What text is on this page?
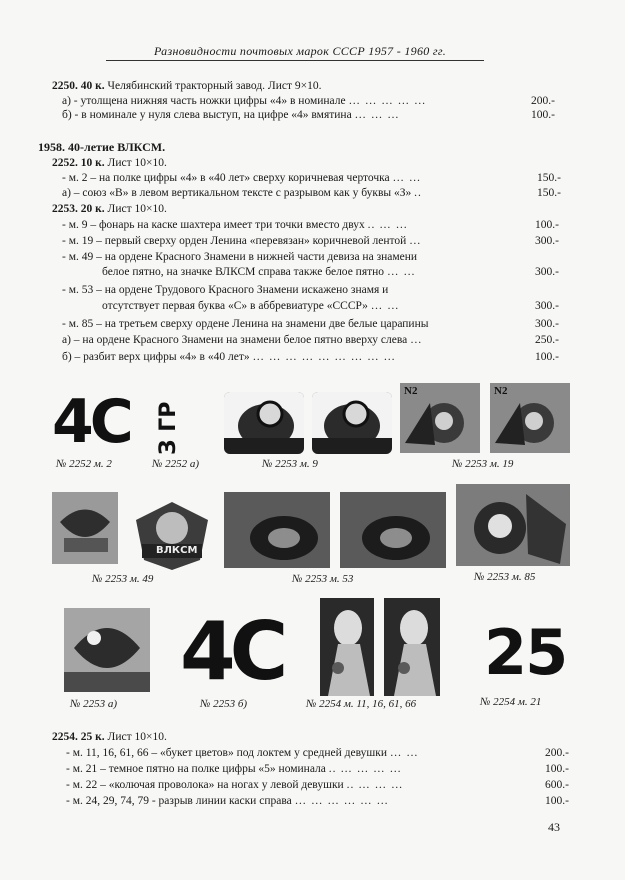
Разновидности почтовых марок СССР 1957 - 1960 гг.
2250. 40 к. Челябинский тракторный завод. Лист 9×10.
а) - утолщена нижняя часть ножки цифры «4» в номинале … … … … …	200.-
б) - в номинале у нуля слева выступ, на цифре «4» вмятина … … …	100.-
1958. 40-летие ВЛКСМ.
2252. 10 к. Лист 10×10.
- м. 2 – на полке цифры «4» в «40 лет» сверху коричневая черточка … …	150.-
а) – союз «В» в левом вертикальном тексте с разрывом как у буквы «З» ..	150.-
2253. 20 к. Лист 10×10.
- м. 9 – фонарь на каске шахтера имеет три точки вместо двух .. … …	100.-
- м. 19 – первый сверху орден Ленина «перевязан» коричневой лентой …	300.-
- м. 49 – на ордене Красного Знамени в нижней части девиза на знамени
белое пятно, на значке ВЛКСМ справа также белое пятно … …	300.-
- м. 53 – на ордене Трудового Красного Знамени искажено знамя и
отсутствует первая буква «С» в аббревиатуре «СССР» … …	300.-
- м. 85 – на третьем сверху ордене Ленина на знамени две белые царапины	300.-
а) – на ордене Красного Знамени на знамени белое пятно вверху слева …	250.-
б) – разбит верх цифры «4» в «40 лет» … … … … … … … … …	100.-
4С З ГР
N2	N2
№ 2252 м. 2	№ 2252 а)	№ 2253 м. 9	№ 2253 м. 19
ВЛКСМ
№ 2253 м. 49	№ 2253 м. 53	№ 2253 м. 85
4С	25
№ 2253 а)	№ 2253 б)	№ 2254 м. 11, 16, 61, 66	№ 2254 м. 21
2254. 25 к. Лист 10×10.
- м. 11, 16, 61, 66 – «букет цветов» под локтем у средней девушки … …	200.-
- м. 21 – темное пятно на полке цифры «5» номинала .. … … … …	100.-
- м. 22 – «колючая проволока» на ногах у левой девушки .. … … …	600.-
- м. 24, 29, 74, 79 - разрыв линии каски справа … … … … … …	100.-
43
